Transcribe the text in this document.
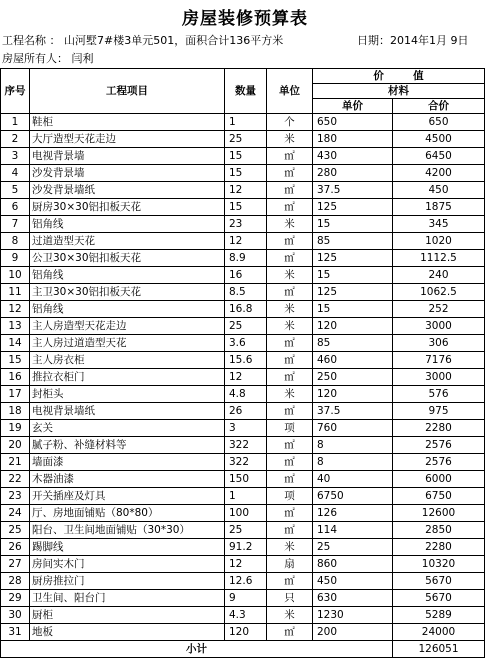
房屋装修预算表
工程名称 ： 山河墅7#楼3单元501，面积合计136平方米	日期：2014年1月 9日
房屋所有人： 闫利
序号	工程项目	数量	单位	价        值	
				材料	
				单价	合价
1	鞋柜	1	个	650	650
2	大厅造型天花走边	25	米	180	4500
3	电视背景墙	15	㎡	430	6450
4	沙发背景墙	15	㎡	280	4200
5	沙发背景墙纸	12	㎡	37.5	450
6	厨房30×30铝扣板天花	15	㎡	125	1875
7	铝角线	23	米	15	345
8	过道造型天花	12	㎡	85	1020
9	公卫30×30铝扣板天花	8.9	㎡	125	1112.5
10	铝角线	16	米	15	240
11	主卫30×30铝扣板天花	8.5	㎡	125	1062.5
12	铝角线	16.8	米	15	252
13	主人房造型天花走边	25	米	120	3000
14	主人房过道造型天花	3.6	㎡	85	306
15	主人房衣柜	15.6	㎡	460	7176
16	推拉衣柜门	12	㎡	250	3000
17	封柜头	4.8	米	120	576
18	电视背景墙纸	26	㎡	37.5	975
19	玄关	3	项	760	2280
20	腻子粉、补缝材料等	322	㎡	8	2576
21	墙面漆	322	㎡	8	2576
22	木器油漆	150	㎡	40	6000
23	开关插座及灯具	1	项	6750	6750
24	厅、房地面铺贴（80*80）	100	㎡	126	12600
25	阳台、卫生间地面铺贴（30*30）	25	㎡	114	2850
26	踢脚线	91.2	米	25	2280
27	房间实木门	12	扇	860	10320
28	厨房推拉门	12.6	㎡	450	5670
29	卫生间、阳台门	9	只	630	5670
30	厨柜	4.3	米	1230	5289
31	地板	120	㎡	200	24000
小计					126051
